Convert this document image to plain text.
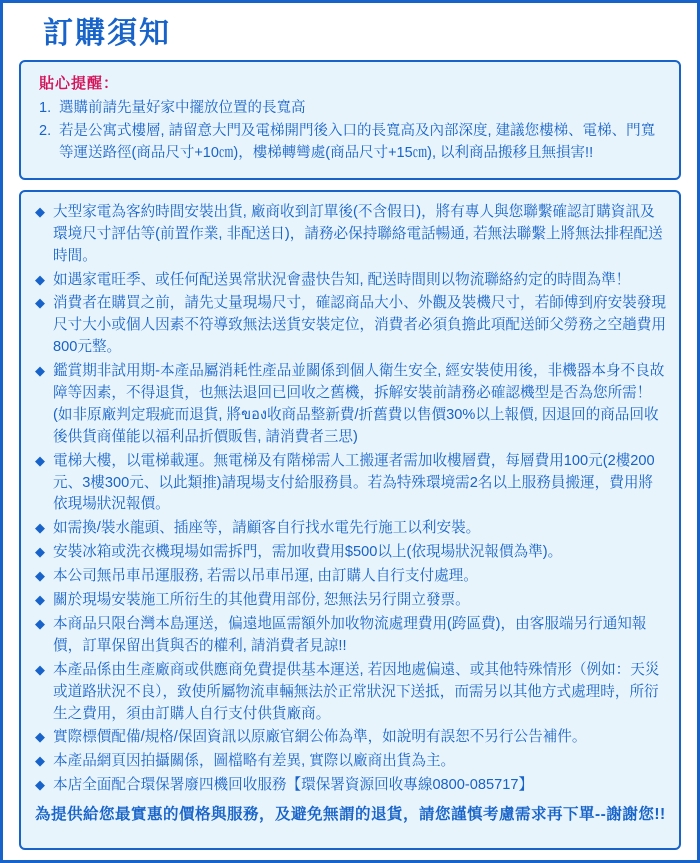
訂購須知
貼心提醒：
1. 選購前請先量好家中擺放位置的長寬高
2. 若是公寓式樓層, 請留意大門及電梯開門後入口的長寬高及內部深度, 建議您樓梯、電梯、門寬等運送路徑(商品尺寸+10㎝)，樓梯轉彎處(商品尺寸+15㎝), 以利商品搬移且無損害!!
◆ 大型家電為客約時間安裝出貨, 廠商收到訂單後(不含假日)，將有專人與您聯繫確認訂購資訊及環境尺寸評估等(前置作業, 非配送日)，請務必保持聯絡電話暢通, 若無法聯繫上將無法排程配送時間。
◆ 如遇家電旺季、或任何配送異常狀況會盡快告知, 配送時間則以物流聯絡約定的時間為準！
◆ 消費者在購買之前，請先丈量現場尺寸，確認商品大小、外觀及裝機尺寸，若師傅到府安裝發現尺寸大小或個人因素不符導致無法送貨安裝定位，消費者必須負擔此項配送師父勞務之空趟費用800元整。
◆ 鑑賞期非試用期-本產品屬消耗性產品並關係到個人衛生安全, 經安裝使用後，非機器本身不良故障等因素，不得退貨，也無法退回已回收之舊機，拆解安裝前請務必確認機型是否為您所需！(如非原廠判定瑕疵而退貨, 將ของ收商品整新費/折舊費以售價30%以上報價, 因退回的商品回收後供貨商僅能以福利品折價販售, 請消費者三思)
◆ 電梯大樓，以電梯載運。無電梯及有階梯需人工搬運者需加收樓層費，每層費用100元(2樓200元、3樓300元、以此類推)請現場支付給服務員。若為特殊環境需2名以上服務員搬運，費用將依現場狀況報價。
◆ 如需換/裝水龍頭、插座等，請顧客自行找水電先行施工以利安裝。
◆ 安裝冰箱或洗衣機現場如需拆門，需加收費用$500以上(依現場狀況報價為準)。
◆ 本公司無吊車吊運服務, 若需以吊車吊運, 由訂購人自行支付處理。
◆ 關於現場安裝施工所衍生的其他費用部份, 恕無法另行開立發票。
◆ 本商品只限台灣本島運送，偏遠地區需額外加收物流處理費用(跨區費)，由客服端另行通知報價，訂單保留出貨與否的權利, 請消費者見諒!!
◆ 本產品係由生產廠商或供應商免費提供基本運送, 若因地處偏遠、或其他特殊情形（例如：天災或道路狀況不良），致使所屬物流車輛無法於正常狀況下送抵，而需另以其他方式處理時，所衍生之費用，須由訂購人自行支付供貨廠商。
◆ 實際標價配備/規格/保固資訊以原廠官網公佈為準，如說明有誤恕不另行公告補件。
◆ 本產品網頁因拍攝關係，圖檔略有差異, 實際以廠商出貨為主。
◆ 本店全面配合環保署廢四機回收服務【環保署資源回收專線0800-085717】
為提供給您最實惠的價格與服務，及避免無謂的退貨，請您謹慎考慮需求再下單--謝謝您!!
